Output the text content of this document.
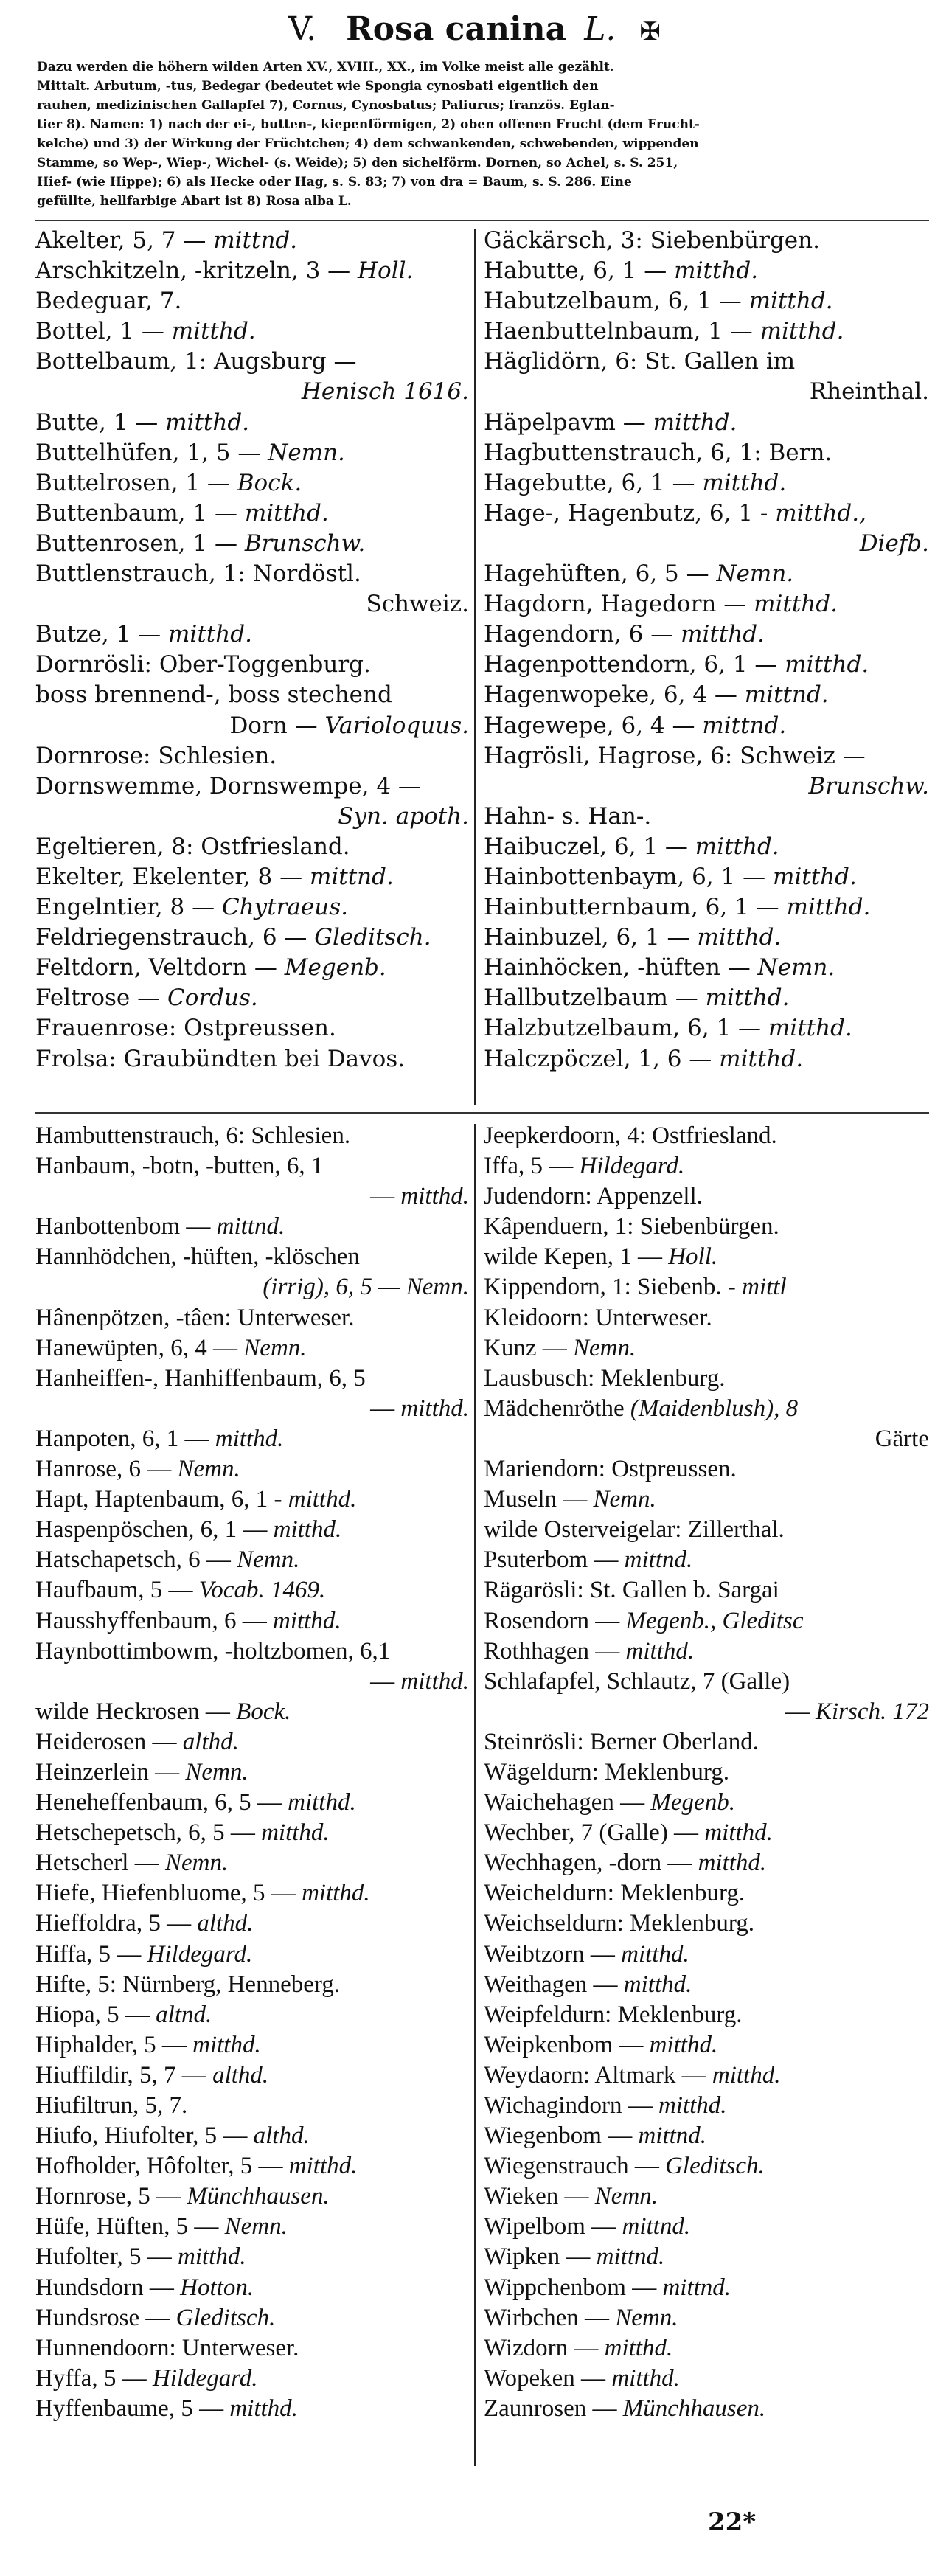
V. Rosa canina L. ✠

Dazu werden die höhern wilden Arten XV., XVIII., XX., im Volke meist alle gezählt.

Mittalt. Arbutum, -tus, Bedegar (bedeutet wie Spongia cynosbati eigentlich den

rauhen, medizinischen Gallapfel 7), Cornus, Cynosbatus; Paliurus; französ. Eglan-

tier 8). Namen: 1) nach der ei-, butten-, kiepenförmigen, 2) oben offenen Frucht (dem Frucht-

kelche) und 3) der Wirkung der Früchtchen; 4) dem schwankenden, schwebenden, wippenden

Stamme, so Wep-, Wiep-, Wichel- (s. Weide); 5) den sichelförm. Dornen, so Achel, s. S. 251,

Hief- (wie Hippe); 6) als Hecke oder Hag, s. S. 83; 7) von dra = Baum, s. S. 286. Eine

gefüllte, hellfarbige Abart ist 8) Rosa alba L.

Akelter, 5, 7 — mittnd.
Arschkitzeln, -kritzeln, 3 — Holl.
Bedeguar, 7.
Bottel, 1 — mitthd.
Bottelbaum, 1: Augsburg —
Henisch 1616.
Butte, 1 — mitthd.
Buttelhüfen, 1, 5 — Nemn.
Buttelrosen, 1 — Bock.
Buttenbaum, 1 — mitthd.
Buttenrosen, 1 — Brunschw.
Buttlenstrauch, 1: Nordöstl.
Schweiz.
Butze, 1 — mitthd.
Dornrösli: Ober-Toggenburg.
boss brennend-, boss stechend
Dorn — Varioloquus.
Dornrose: Schlesien.
Dornswemme, Dornswempe, 4 —
Syn. apoth.
Egeltieren, 8: Ostfriesland.
Ekelter, Ekelenter, 8 — mittnd.
Engelntier, 8 — Chytraeus.
Feldriegenstrauch, 6 — Gleditsch.
Feltdorn, Veltdorn — Megenb.
Feltrose — Cordus.
Frauenrose: Ostpreussen.
Frolsa: Graubündten bei Davos.
Gäckärsch, 3: Siebenbürgen.
Habutte, 6, 1 — mitthd.
Habutzelbaum, 6, 1 — mitthd.
Haenbuttelnbaum, 1 — mitthd.
Häglidörn, 6: St. Gallen im
Rheinthal.
Häpelpavm — mitthd.
Hagbuttenstrauch, 6, 1: Bern.
Hagebutte, 6, 1 — mitthd.
Hage-, Hagenbutz, 6, 1 - mitthd.,
Diefb.
Hagehüften, 6, 5 — Nemn.
Hagdorn, Hagedorn — mitthd.
Hagendorn, 6 — mitthd.
Hagenpottendorn, 6, 1 — mitthd.
Hagenwopeke, 6, 4 — mittnd.
Hagewepe, 6, 4 — mittnd.
Hagrösli, Hagrose, 6: Schweiz —
Brunschw.
Hahn- s. Han-.
Haibuczel, 6, 1 — mitthd.
Hainbottenbaym, 6, 1 — mitthd.
Hainbutternbaum, 6, 1 — mitthd.
Hainbuzel, 6, 1 — mitthd.
Hainhöcken, -hüften — Nemn.
Hallbutzelbaum — mitthd.
Halzbutzelbaum, 6, 1 — mitthd.
Halczpöczel, 1, 6 — mitthd.
Hambuttenstrauch, 6: Schlesien.
Hanbaum, -botn, -butten, 6, 1
— mitthd.
Hanbottenbom — mittnd.
Hannhödchen, -hüften, -klöschen
(irrig), 6, 5 — Nemn.
Hânenpötzen, -tâen: Unterweser.
Hanewüpten, 6, 4 — Nemn.
Hanheiffen-, Hanhiffenbaum, 6, 5
— mitthd.
Hanpoten, 6, 1 — mitthd.
Hanrose, 6 — Nemn.
Hapt, Haptenbaum, 6, 1 - mitthd.
Haspenpöschen, 6, 1 — mitthd.
Hatschapetsch, 6 — Nemn.
Haufbaum, 5 — Vocab. 1469.
Hausshyffenbaum, 6 — mitthd.
Haynbottimbowm, -holtzbomen, 6,1
— mitthd.
wilde Heckrosen — Bock.
Heiderosen — althd.
Heinzerlein — Nemn.
Heneheffenbaum, 6, 5 — mitthd.
Hetschepetsch, 6, 5 — mitthd.
Hetscherl — Nemn.
Hiefe, Hiefenbluome, 5 — mitthd.
Hieffoldra, 5 — althd.
Hiffa, 5 — Hildegard.
Hifte, 5: Nürnberg, Henneberg.
Hiopa, 5 — altnd.
Hiphalder, 5 — mitthd.
Hiuffildir, 5, 7 — althd.
Hiufiltrun, 5, 7.
Hiufo, Hiufolter, 5 — althd.
Hofholder, Hôfolter, 5 — mitthd.
Hornrose, 5 — Münchhausen.
Hüfe, Hüften, 5 — Nemn.
Hufolter, 5 — mitthd.
Hundsdorn — Hotton.
Hundsrose — Gleditsch.
Hunnendoorn: Unterweser.
Hyffa, 5 — Hildegard.
Hyffenbaume, 5 — mitthd.
Jeepkerdoorn, 4: Ostfriesland.
Iffa, 5 — Hildegard.
Judendorn: Appenzell.
Kâpenduern, 1: Siebenbürgen.
wilde Kepen, 1 — Holl.
Kippendorn, 1: Siebenb. - mittl
Kleidoorn: Unterweser.
Kunz — Nemn.
Lausbusch: Meklenburg.
Mädchenröthe (Maidenblush), 8
Gärte
Mariendorn: Ostpreussen.
Museln — Nemn.
wilde Osterveigelar: Zillerthal.
Psuterbom — mittnd.
Rägarösli: St. Gallen b. Sargai
Rosendorn — Megenb., Gleditsc
Rothhagen — mitthd.
Schlafapfel, Schlautz, 7 (Galle)
— Kirsch. 172
Steinrösli: Berner Oberland.
Wägeldurn: Meklenburg.
Waichehagen — Megenb.
Wechber, 7 (Galle) — mitthd.
Wechhagen, -dorn — mitthd.
Weicheldurn: Meklenburg.
Weichseldurn: Meklenburg.
Weibtzorn — mitthd.
Weithagen — mitthd.
Weipfeldurn: Meklenburg.
Weipkenbom — mitthd.
Weydaorn: Altmark — mitthd.
Wichagindorn — mitthd.
Wiegenbom — mittnd.
Wiegenstrauch — Gleditsch.
Wieken — Nemn.
Wipelbom — mittnd.
Wipken — mittnd.
Wippchenbom — mittnd.
Wirbchen — Nemn.
Wizdorn — mitthd.
Wopeken — mitthd.
Zaunrosen — Münchhausen.
22*
